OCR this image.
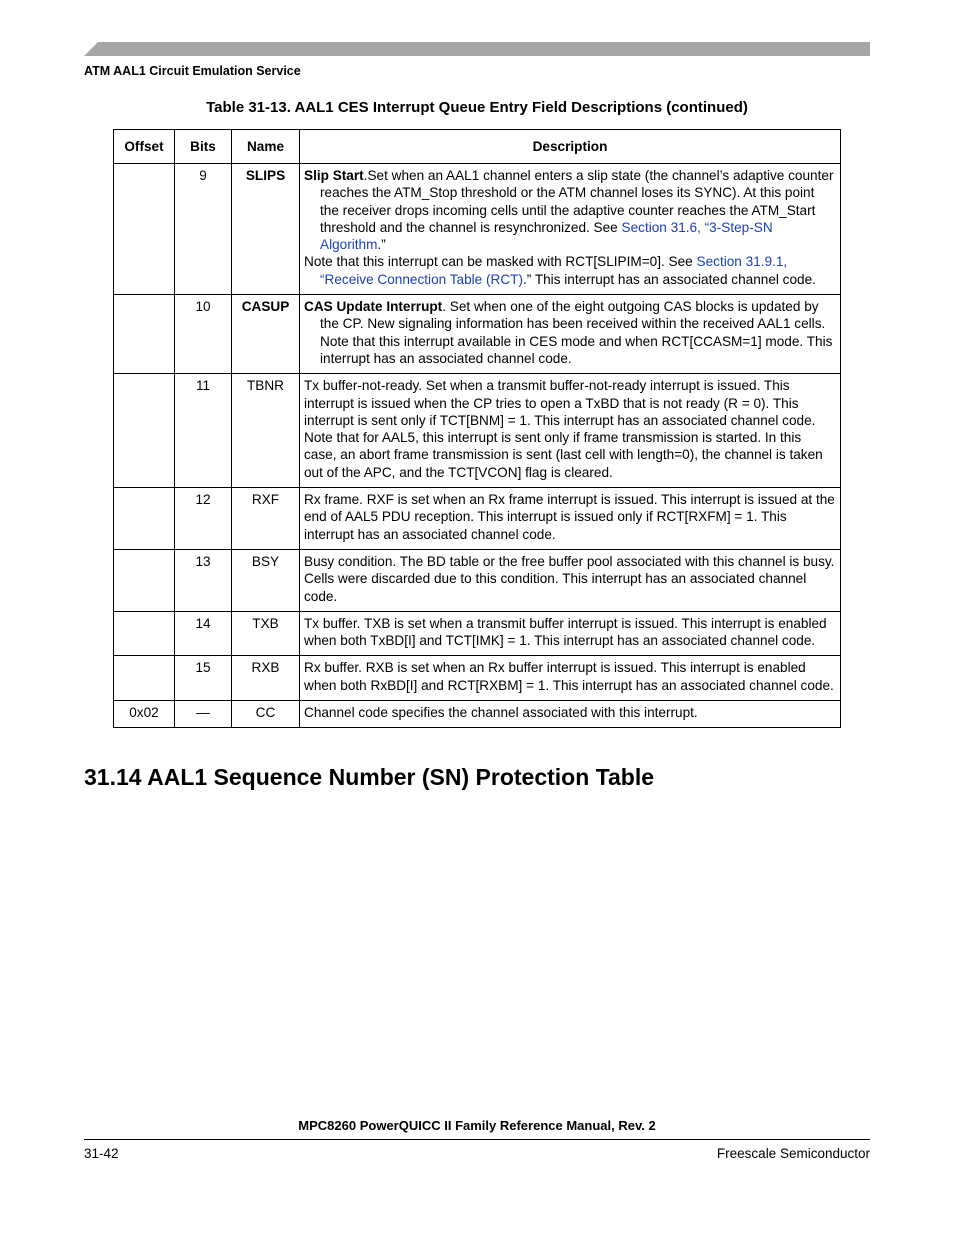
ATM AAL1 Circuit Emulation Service
Table 31-13. AAL1 CES Interrupt Queue Entry Field Descriptions (continued)
Offset	Bits	Name	Description
	9	SLIPS	Slip Start.Set when an AAL1 channel enters a slip state (the channel’s adaptive counter reaches the ATM_Stop threshold or the ATM channel loses its SYNC). At this point the receiver drops incoming cells until the adaptive counter reaches the ATM_Start threshold and the channel is resynchronized. See Section 31.6, “3-Step-SN Algorithm.”

Note that this interrupt can be masked with RCT[SLIPIM=0]. See Section 31.9.1, “Receive Connection Table (RCT).” This interrupt has an associated channel code.

	10	CASUP	CAS Update Interrupt. Set when one of the eight outgoing CAS blocks is updated by the CP. New signaling information has been received within the received AAL1 cells. Note that this interrupt available in CES mode and when RCT[CCASM=1] mode. This interrupt has an associated channel code.

	11	TBNR	Tx buffer-not-ready. Set when a transmit buffer-not-ready interrupt is issued. This interrupt is issued when the CP tries to open a TxBD that is not ready (R = 0). This interrupt is sent only if TCT[BNM] = 1. This interrupt has an associated channel code. Note that for AAL5, this interrupt is sent only if frame transmission is started. In this case, an abort frame transmission is sent (last cell with length=0), the channel is taken out of the APC, and the TCT[VCON] flag is cleared.

	12	RXF	Rx frame. RXF is set when an Rx frame interrupt is issued. This interrupt is issued at the end of AAL5 PDU reception. This interrupt is issued only if RCT[RXFM] = 1. This interrupt has an associated channel code.

	13	BSY	Busy condition. The BD table or the free buffer pool associated with this channel is busy. Cells were discarded due to this condition. This interrupt has an associated channel code.

	14	TXB	Tx buffer. TXB is set when a transmit buffer interrupt is issued. This interrupt is enabled when both TxBD[I] and TCT[IMK] = 1. This interrupt has an associated channel code.

	15	RXB	Rx buffer. RXB is set when an Rx buffer interrupt is issued. This interrupt is enabled when both RxBD[I] and RCT[RXBM] = 1. This interrupt has an associated channel code.

0x02	—	CC	Channel code specifies the channel associated with this interrupt.

31.14 AAL1 Sequence Number (SN) Protection Table
MPC8260 PowerQUICC II Family Reference Manual, Rev. 2
31-42	Freescale Semiconductor
